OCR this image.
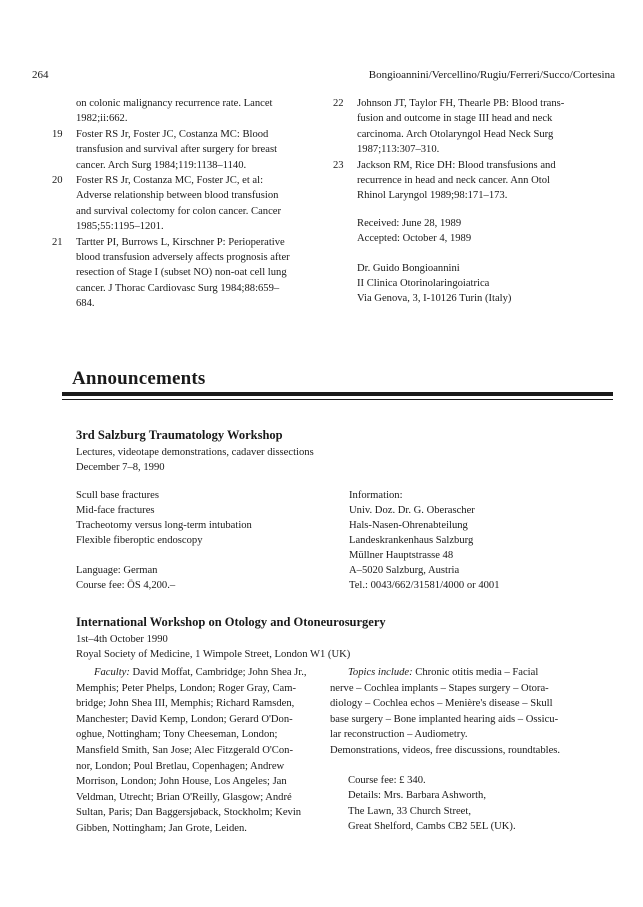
264	Bongioannini/Vercellino/Rugiu/Ferreri/Succo/Cortesina
on colonic malignancy recurrence rate. Lancet
1982;ii:662.
19 Foster RS Jr, Foster JC, Costanza MC: Blood
transfusion and survival after surgery for breast
cancer. Arch Surg 1984;119:1138–1140.
20 Foster RS Jr, Costanza MC, Foster JC, et al:
Adverse relationship between blood transfusion
and survival colectomy for colon cancer. Cancer
1985;55:1195–1201.
21 Tartter PI, Burrows L, Kirschner P: Perioperative
blood transfusion adversely affects prognosis after
resection of Stage I (subset NO) non-oat cell lung
cancer. J Thorac Cardiovasc Surg 1984;88:659–
684.
22 Johnson JT, Taylor FH, Thearle PB: Blood trans-
fusion and outcome in stage III head and neck
carcinoma. Arch Otolaryngol Head Neck Surg
1987;113:307–310.
23 Jackson RM, Rice DH: Blood transfusions and
recurrence in head and neck cancer. Ann Otol
Rhinol Laryngol 1989;98:171–173.
Received: June 28, 1989
Accepted: October 4, 1989
Dr. Guido Bongioannini
II Clinica Otorinolaringoiatrica
Via Genova, 3, I-10126 Turin (Italy)
Announcements
3rd Salzburg Traumatology Workshop
Lectures, videotape demonstrations, cadaver dissections
December 7–8, 1990
Scull base fractures
Mid-face fractures
Tracheotomy versus long-term intubation
Flexible fiberoptic endoscopy
Language: German
Course fee: ÖS 4,200.–
Information:
Univ. Doz. Dr. G. Oberascher
Hals-Nasen-Ohrenabteilung
Landeskrankenhaus Salzburg
Müllner Hauptstrasse 48
A–5020 Salzburg, Austria
Tel.: 0043/662/31581/4000 or 4001
International Workshop on Otology and Otoneurosurgery
1st–4th October 1990
Royal Society of Medicine, 1 Wimpole Street, London W1 (UK)
Faculty: David Moffat, Cambridge; John Shea Jr.,
Memphis; Peter Phelps, London; Roger Gray, Cam-
bridge; John Shea III, Memphis; Richard Ramsden,
Manchester; David Kemp, London; Gerard O'Don-
oghue, Nottingham; Tony Cheeseman, London;
Mansfield Smith, San Jose; Alec Fitzgerald O'Con-
nor, London; Poul Bretlau, Copenhagen; Andrew
Morrison, London; John House, Los Angeles; Jan
Veldman, Utrecht; Brian O'Reilly, Glasgow; André
Sultan, Paris; Dan Baggersjøback, Stockholm; Kevin
Gibben, Nottingham; Jan Grote, Leiden.
Topics include: Chronic otitis media – Facial
nerve – Cochlea implants – Stapes surgery – Otora-
diology – Cochlea echos – Menière's disease – Skull
base surgery – Bone implanted hearing aids – Ossicu-
lar reconstruction – Audiometry.
Demonstrations, videos, free discussions, roundtables.
Course fee: £ 340.
Details: Mrs. Barbara Ashworth,
The Lawn, 33 Church Street,
Great Shelford, Cambs CB2 5EL (UK).
